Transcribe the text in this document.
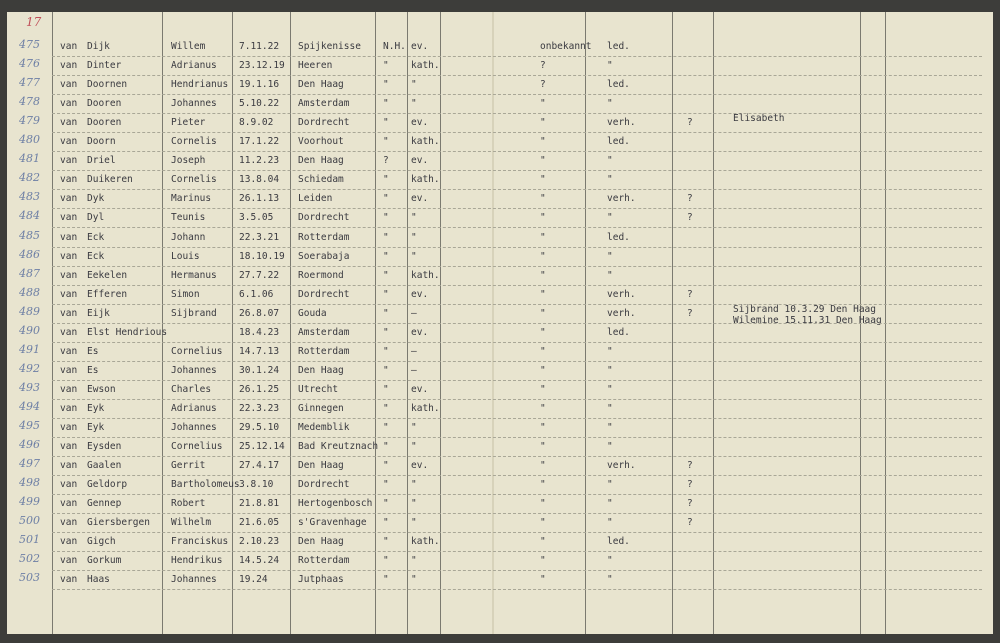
17
475 van Dijk	Willem	7.11.22 Spijkenisse N.H. ev.	onbekannt led.
476 van Dinter	Adrianus 23.12.19 Heeren	" kath.	?	"
477 van Doornen	Hendrianus 19.1.16 Den Haag	" "	?	led.
478 van Dooren	Johannes 5.10.22 Amsterdam	" "	"	"
479 van Dooren	Pieter	8.9.02	Dordrecht	" ev.	"	verh.	?	Elisabeth
480 van Doorn	Cornelis 17.1.22 Voorhout	" kath.	"	led.
481 van Driel	Joseph	11.2.23 Den Haag	? ev.	"	"
482 van Duikeren	Cornelis 13.8.04 Schiedam	" kath.	"	"
483 van Dyk	Marinus	26.1.13 Leiden	" ev.	"	verh.	?
484 van Dyl	Teunis	3.5.05	Dordrecht	" "	"	"	?
485 van Eck	Johann	22.3.21 Rotterdam	" "	"	led.
486 van Eck	Louis	18.10.19 Soerabaja	" "	"	"
487 van Eekelen	Hermanus 27.7.22 Roermond	" kath.	"	"
488 van Efferen	Simon	6.1.06	Dordrecht	" ev.	"	verh.	?
489 van Eijk	Sijbrand 26.8.07 Gouda	" –	"	verh.	?	Sijbrand 10.3.29 Den Haag
Wilemine 15.11.31 Den Haag
490 van Elst Hendrious	18.4.23 Amsterdam	" ev.	"	led.
491 van Es	Cornelius 14.7.13 Rotterdam	" –	"	"
492 van Es	Johannes 30.1.24 Den Haag	" –	"	"
493 van Ewson	Charles	26.1.25 Utrecht	" ev.	"	"
494 van Eyk	Adrianus 22.3.23 Ginnegen	" kath.	"	"
495 van Eyk	Johannes 29.5.10 Medemblik	" "	"	"
496 van Eysden	Cornelius 25.12.14 Bad Kreutznach " "	"	"
497 van Gaalen	Gerrit	27.4.17 Den Haag	" ev.	"	verh.	?
498 van Geldorp	Bartholomeus 3.8.10	Dordrecht	" "	"	"	?
499 van Gennep	Robert	21.8.81 Hertogenbosch " "	"	"	?
500 van Giersbergen Wilhelm	21.6.05 s'Gravenhage " "	"	"	?
501 van Gigch	Franciskus 2.10.23 Den Haag	" kath.	"	led.
502 van Gorkum	Hendrikus 14.5.24 Rotterdam	" "	"	"
503 van Haas	Johannes 19.24	Jutphaas	" "	"	"
